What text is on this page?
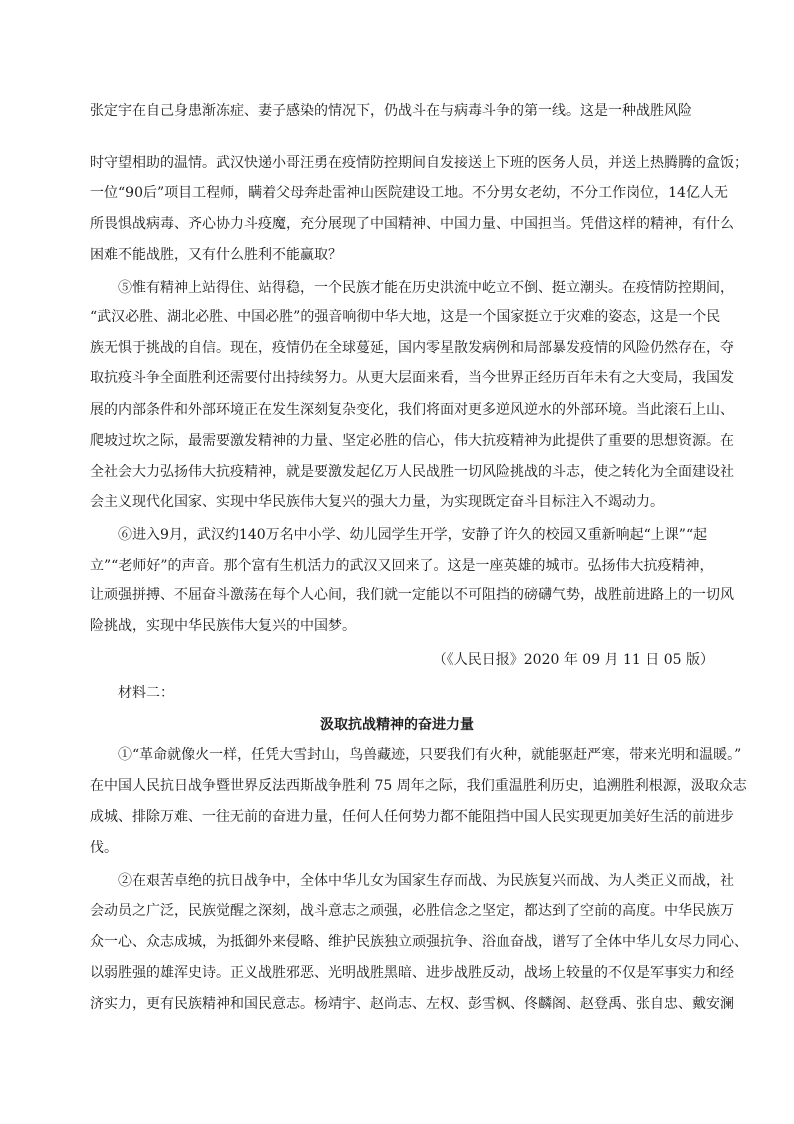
张定宇在自己身患渐冻症、妻子感染的情况下，仍战斗在与病毒斗争的第一线。这是一种战胜风险
时守望相助的温情。武汉快递小哥汪勇在疫情防控期间自发接送上下班的医务人员，并送上热腾腾的盒饭；
一位“90后”项目工程师，瞒着父母奔赴雷神山医院建设工地。不分男女老幼，不分工作岗位，14亿人无
所畏惧战病毒、齐心协力斗疫魔，充分展现了中国精神、中国力量、中国担当。凭借这样的精神，有什么
困难不能战胜，又有什么胜利不能赢取？
⑤惟有精神上站得住、站得稳，一个民族才能在历史洪流中屹立不倒、挺立潮头。在疫情防控期间，
“武汉必胜、湖北必胜、中国必胜”的强音响彻中华大地，这是一个国家挺立于灾难的姿态，这是一个民
族无惧于挑战的自信。现在，疫情仍在全球蔓延，国内零星散发病例和局部暴发疫情的风险仍然存在，夺
取抗疫斗争全面胜利还需要付出持续努力。从更大层面来看，当今世界正经历百年未有之大变局，我国发
展的内部条件和外部环境正在发生深刻复杂变化，我们将面对更多逆风逆水的外部环境。当此滚石上山、
爬坡过坎之际，最需要激发精神的力量、坚定必胜的信心，伟大抗疫精神为此提供了重要的思想资源。在
全社会大力弘扬伟大抗疫精神，就是要激发起亿万人民战胜一切风险挑战的斗志，使之转化为全面建设社
会主义现代化国家、实现中华民族伟大复兴的强大力量，为实现既定奋斗目标注入不竭动力。
⑥进入9月，武汉约140万名中小学、幼儿园学生开学，安静了许久的校园又重新响起“上课”“起
立”“老师好”的声音。那个富有生机活力的武汉又回来了。这是一座英雄的城市。弘扬伟大抗疫精神，
让顽强拼搏、不屈奋斗激荡在每个人心间，我们就一定能以不可阻挡的磅礴气势，战胜前进路上的一切风
险挑战，实现中华民族伟大复兴的中国梦。
（《人民日报》2020 年 09 月 11 日 05 版）
材料二：
汲取抗战精神的奋进力量
①“革命就像火一样，任凭大雪封山，鸟兽藏迹，只要我们有火种，就能驱赶严寒，带来光明和温暖。”
在中国人民抗日战争暨世界反法西斯战争胜利 75 周年之际，我们重温胜利历史，追溯胜利根源，汲取众志
成城、排除万难、一往无前的奋进力量，任何人任何势力都不能阻挡中国人民实现更加美好生活的前进步
伐。
②在艰苦卓绝的抗日战争中，全体中华儿女为国家生存而战、为民族复兴而战、为人类正义而战，社
会动员之广泛，民族觉醒之深刻，战斗意志之顽强，必胜信念之坚定，都达到了空前的高度。中华民族万
众一心、众志成城，为抵御外来侵略、维护民族独立顽强抗争、浴血奋战，谱写了全体中华儿女尽力同心、
以弱胜强的雄浑史诗。正义战胜邪恶、光明战胜黑暗、进步战胜反动，战场上较量的不仅是军事实力和经
济实力，更有民族精神和国民意志。杨靖宇、赵尚志、左权、彭雪枫、佟麟阁、赵登禹、张自忠、戴安澜
